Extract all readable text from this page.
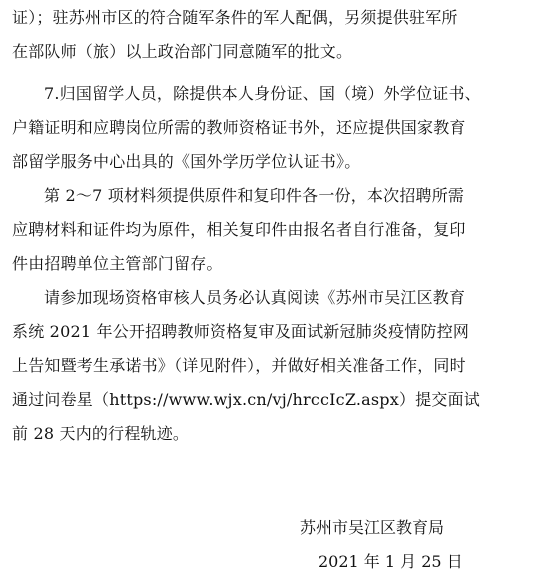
证）；驻苏州市区的符合随军条件的军人配偶，另须提供驻军所
在部队师（旅）以上政治部门同意随军的批文。
7.归国留学人员，除提供本人身份证、国（境）外学位证书、
户籍证明和应聘岗位所需的教师资格证书外，还应提供国家教育
部留学服务中心出具的《国外学历学位认证书》。
第 2～7 项材料须提供原件和复印件各一份，本次招聘所需
应聘材料和证件均为原件，相关复印件由报名者自行准备，复印
件由招聘单位主管部门留存。
请参加现场资格审核人员务必认真阅读《苏州市吴江区教育
系统 2021 年公开招聘教师资格复审及面试新冠肺炎疫情防控网
上告知暨考生承诺书》（详见附件），并做好相关准备工作，同时
通过问卷星（https://www.wjx.cn/vj/hrccIcZ.aspx）提交面试
前 28 天内的行程轨迹。
苏州市吴江区教育局
2021 年 1 月 25 日
